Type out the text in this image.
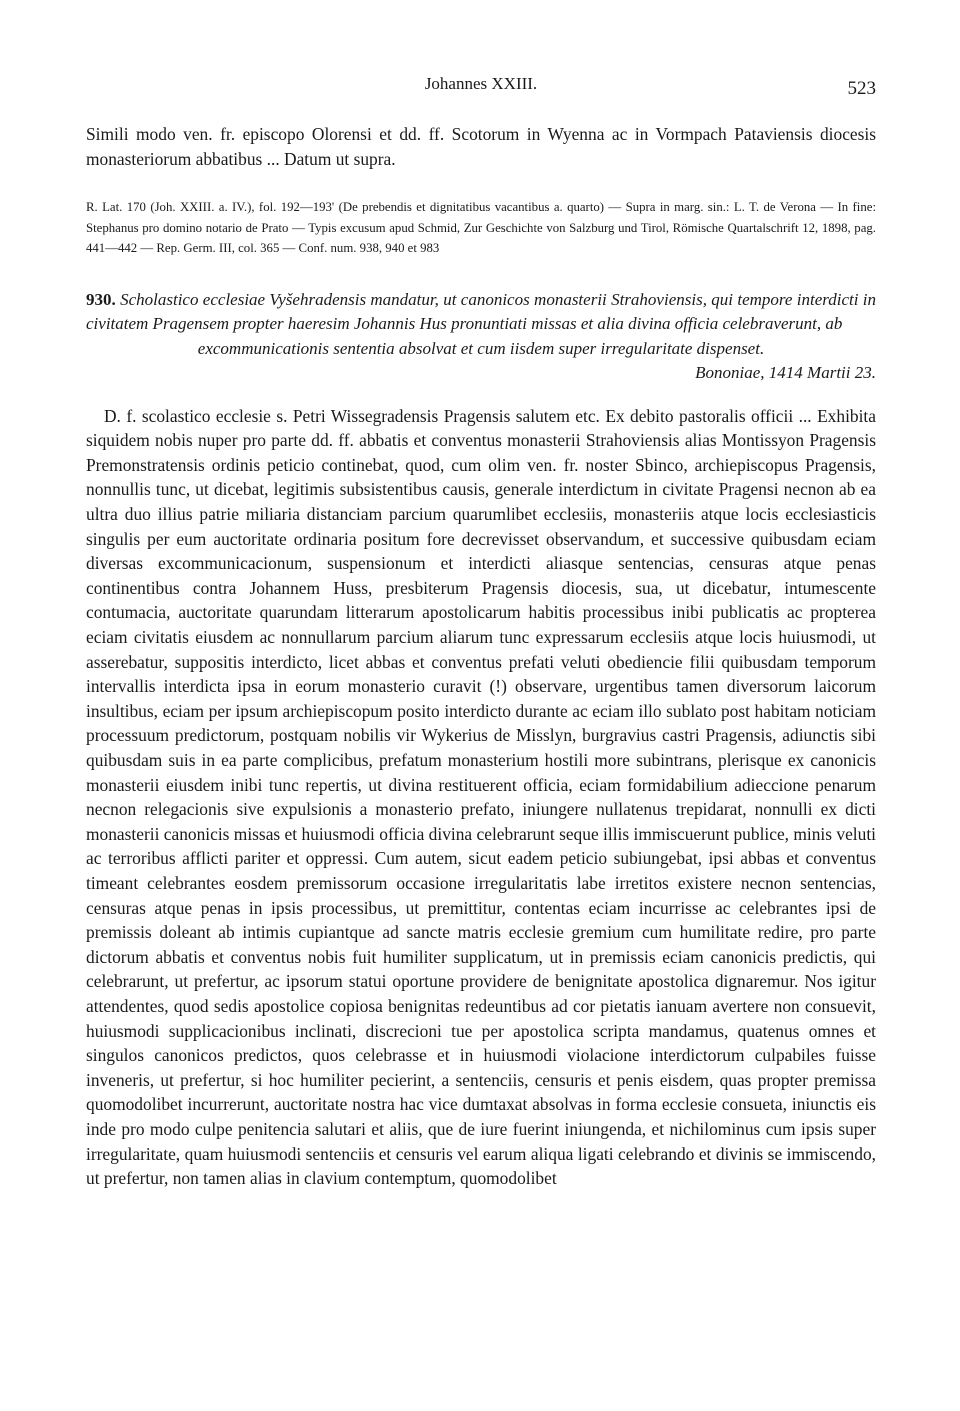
Johannes XXIII.	523

Simili modo ven. fr. episcopo Olorensi et dd. ff. Scotorum in Wyenna ac in Vormpach Pataviensis diocesis monasteriorum abbatibus ... Datum ut supra.

R. Lat. 170 (Joh. XXIII. a. IV.), fol. 192—193' (De prebendis et dignitatibus vacantibus a. quarto) — Supra in marg. sin.: L. T. de Verona — In fine: Stephanus pro domino notario de Prato — Typis excusum apud Schmid, Zur Geschichte von Salzburg und Tirol, Römische Quartalschrift 12, 1898, pag. 441—442 — Rep. Germ. III, col. 365 — Conf. num. 938, 940 et 983

930. Scholastico ecclesiae Vyšehradensis mandatur, ut canonicos monasterii Strahoviensis, qui tempore interdicti in civitatem Pragensem propter haeresim Johannis Hus pronuntiati missas et alia divina officia celebraverunt, ab
excommunicationis sententia absolvat et cum iisdem super irregularitate dispenset.
Bononiae, 1414 Martii 23.

D. f. scolastico ecclesie s. Petri Wissegradensis Pragensis salutem etc. Ex debito pastoralis officii ... Exhibita siquidem nobis nuper pro parte dd. ff. abbatis et conventus monasterii Strahoviensis alias Montissyon Pragensis Premonstratensis ordinis peticio continebat, quod, cum olim ven. fr. noster Sbinco, archiepiscopus Pragensis, nonnullis tunc, ut dicebat, legitimis subsistentibus causis, generale interdictum in civitate Pragensi necnon ab ea ultra duo illius patrie miliaria distanciam parcium quarumlibet ecclesiis, monasteriis atque locis ecclesiasticis singulis per eum auctoritate ordinaria positum fore decrevisset observandum, et successive quibusdam eciam diversas excommunicacionum, suspensionum et interdicti aliasque sentencias, censuras atque penas continentibus contra Johannem Huss, presbiterum Pragensis diocesis, sua, ut dicebatur, intumescente contumacia, auctoritate quarundam litterarum apostolicarum habitis processibus inibi publicatis ac propterea eciam civitatis eiusdem ac nonnullarum parcium aliarum tunc expressarum ecclesiis atque locis huiusmodi, ut asserebatur, suppositis interdicto, licet abbas et conventus prefati veluti obediencie filii quibusdam temporum intervallis interdicta ipsa in eorum monasterio curavit (!) observare, urgentibus tamen diversorum laicorum insultibus, eciam per ipsum archiepiscopum posito interdicto durante ac eciam illo sublato post habitam noticiam processuum predictorum, postquam nobilis vir Wykerius de Misslyn, burgravius castri Pragensis, adiunctis sibi quibusdam suis in ea parte complicibus, prefatum monasterium hostili more subintrans, plerisque ex canonicis monasterii eiusdem inibi tunc repertis, ut divina restituerent officia, eciam formidabilium adieccione penarum necnon relegacionis sive expulsionis a monasterio prefato, iniungere nullatenus trepidarat, nonnulli ex dicti monasterii canonicis missas et huiusmodi officia divina celebrarunt seque illis immiscuerunt publice, minis veluti ac terroribus afflicti pariter et oppressi. Cum autem, sicut eadem peticio subiungebat, ipsi abbas et conventus timeant celebrantes eosdem premissorum occasione irregularitatis labe irretitos existere necnon sentencias, censuras atque penas in ipsis processibus, ut premittitur, contentas eciam incurrisse ac celebrantes ipsi de premissis doleant ab intimis cupiantque ad sancte matris ecclesie gremium cum humilitate redire, pro parte dictorum abbatis et conventus nobis fuit humiliter supplicatum, ut in premissis eciam canonicis predictis, qui celebrarunt, ut prefertur, ac ipsorum statui oportune providere de benignitate apostolica dignaremur. Nos igitur attendentes, quod sedis apostolice copiosa benignitas redeuntibus ad cor pietatis ianuam avertere non consuevit, huiusmodi supplicacionibus inclinati, discrecioni tue per apostolica scripta mandamus, quatenus omnes et singulos canonicos predictos, quos celebrasse et in huiusmodi violacione interdictorum culpabiles fuisse inveneris, ut prefertur, si hoc humiliter pecierint, a sentenciis, censuris et penis eisdem, quas propter premissa quomodolibet incurrerunt, auctoritate nostra hac vice dumtaxat absolvas in forma ecclesie consueta, iniunctis eis inde pro modo culpe penitencia salutari et aliis, que de iure fuerint iniungenda, et nichilominus cum ipsis super irregularitate, quam huiusmodi sentenciis et censuris vel earum aliqua ligati celebrando et divinis se immiscendo, ut prefertur, non tamen alias in clavium contemptum, quomodolibet
